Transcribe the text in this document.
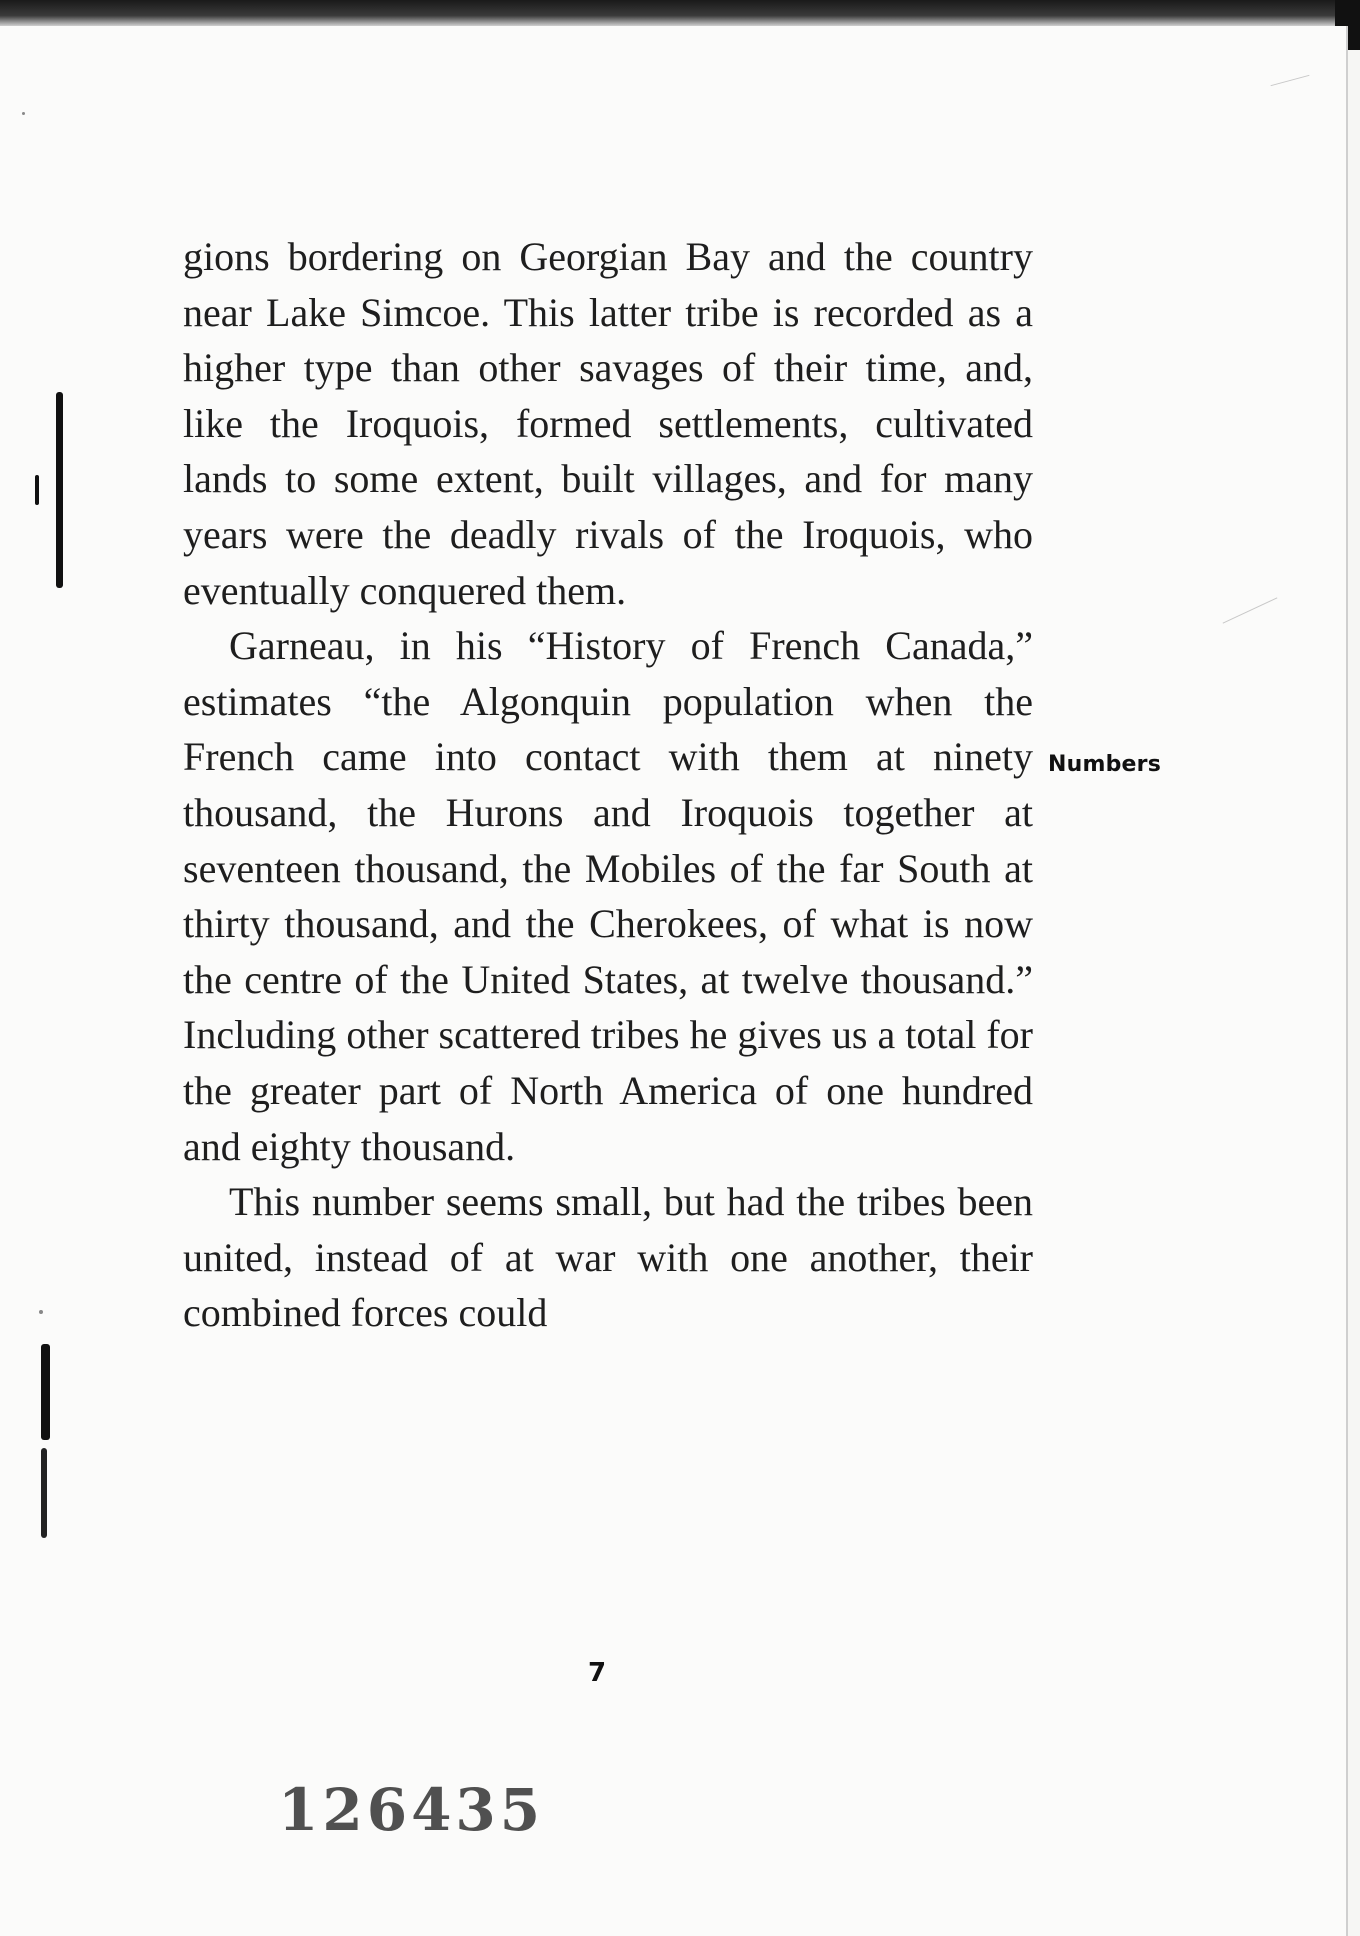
gions bordering on Georgian Bay and the country near Lake Simcoe. This latter tribe is recorded as a higher type than other savages of their time, and, like the Iroquois, formed settlements, cultivated lands to some extent, built villages, and for many years were the deadly rivals of the Iroquois, who eventually conquered them.

Garneau, in his “History of French Canada,” estimates “the Algonquin population when the French came into contact with them at ninety thousand, the Hurons and Iroquois together at seventeen thousand, the Mobiles of the far South at thirty thousand, and the Cherokees, of what is now the centre of the United States, at twelve thousand.” Including other scattered tribes he gives us a total for the greater part of North America of one hundred and eighty thousand.

This number seems small, but had the tribes been united, instead of at war with one another, their combined forces could

Numbers
7
126435
